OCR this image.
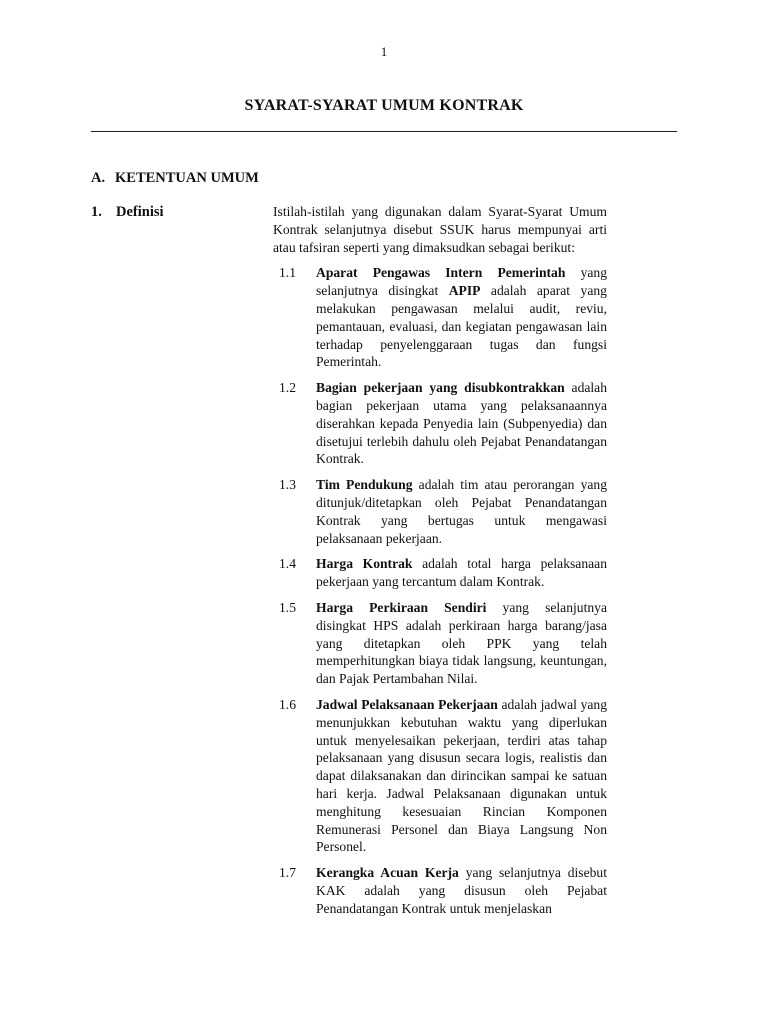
1
SYARAT-SYARAT UMUM KONTRAK
A. KETENTUAN UMUM
1. Definisi	Istilah-istilah yang digunakan dalam Syarat-Syarat Umum Kontrak selanjutnya disebut SSUK harus mempunyai arti atau tafsiran seperti yang dimaksudkan sebagai berikut:

1.1	Aparat Pengawas Intern Pemerintah yang selanjutnya disingkat APIP adalah aparat yang melakukan pengawasan melalui audit, reviu, pemantauan, evaluasi, dan kegiatan pengawasan lain terhadap penyelenggaraan tugas dan fungsi Pemerintah.
1.2	Bagian pekerjaan yang disubkontrakkan adalah bagian pekerjaan utama yang pelaksanaannya diserahkan kepada Penyedia lain (Subpenyedia) dan disetujui terlebih dahulu oleh Pejabat Penandatangan Kontrak.
1.3	Tim Pendukung adalah tim atau perorangan yang ditunjuk/ditetapkan oleh Pejabat Penandatangan Kontrak yang bertugas untuk mengawasi pelaksanaan pekerjaan.
1.4	Harga Kontrak adalah total harga pelaksanaan pekerjaan yang tercantum dalam Kontrak.
1.5	Harga Perkiraan Sendiri yang selanjutnya disingkat HPS adalah perkiraan harga barang/jasa yang ditetapkan oleh PPK yang telah memperhitungkan biaya tidak langsung, keuntungan, dan Pajak Pertambahan Nilai.
1.6	Jadwal Pelaksanaan Pekerjaan adalah jadwal yang menunjukkan kebutuhan waktu yang diperlukan untuk menyelesaikan pekerjaan, terdiri atas tahap pelaksanaan yang disusun secara logis, realistis dan dapat dilaksanakan dan dirincikan sampai ke satuan hari kerja. Jadwal Pelaksanaan digunakan untuk menghitung kesesuaian Rincian Komponen Remunerasi Personel dan Biaya Langsung Non Personel.
1.7	Kerangka Acuan Kerja yang selanjutnya disebut KAK adalah yang disusun oleh Pejabat Penandatangan Kontrak untuk menjelaskan
